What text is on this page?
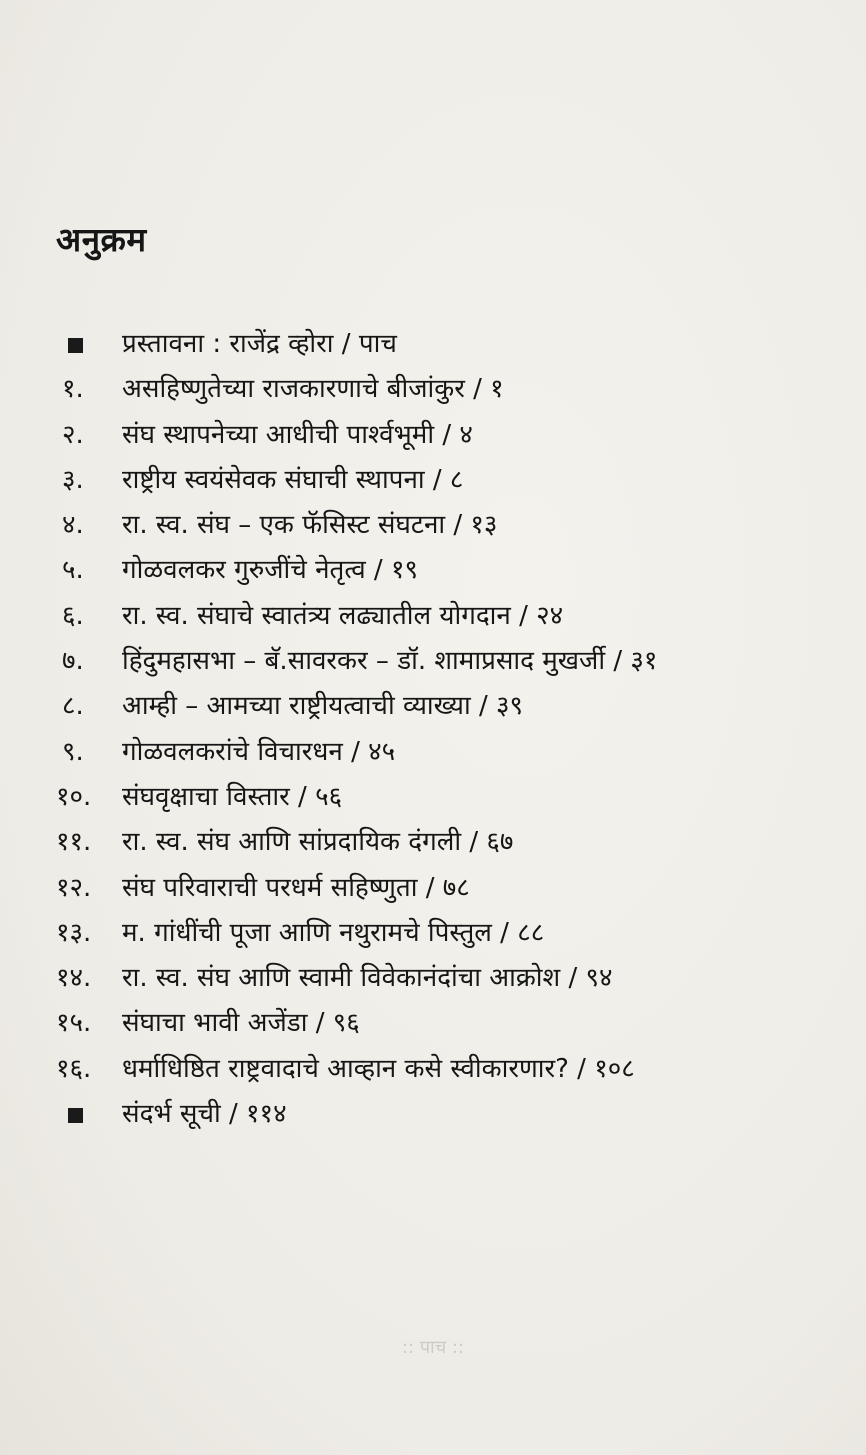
अनुक्रम
प्रस्तावना : राजेंद्र व्होरा / पाच
१.	असहिष्णुतेच्या राजकारणाचे बीजांकुर / १
२.	संघ स्थापनेच्या आधीची पार्श्वभूमी / ४
३.	राष्ट्रीय स्वयंसेवक संघाची स्थापना / ८
४.	रा. स्व. संघ – एक फॅसिस्ट संघटना / १३
५.	गोळवलकर गुरुजींचे नेतृत्व / १९
६.	रा. स्व. संघाचे स्वातंत्र्य लढ्यातील योगदान / २४
७.	हिंदुमहासभा – बॅ.सावरकर – डॉ. शामाप्रसाद मुखर्जी / ३१
८.	आम्ही – आमच्या राष्ट्रीयत्वाची व्याख्या / ३९
९.	गोळवलकरांचे विचारधन / ४५
१०.	संघवृक्षाचा विस्तार / ५६
११.	रा. स्व. संघ आणि सांप्रदायिक दंगली / ६७
१२.	संघ परिवाराची परधर्म सहिष्णुता / ७८
१३.	म. गांधींची पूजा आणि नथुरामचे पिस्तुल / ८८
१४.	रा. स्व. संघ आणि स्वामी विवेकानंदांचा आक्रोश / ९४
१५.	संघाचा भावी अजेंडा / ९६
१६.	धर्माधिष्ठित राष्ट्रवादाचे आव्हान कसे स्वीकारणार? / १०८
संदर्भ सूची / ११४
:: पाच ::
